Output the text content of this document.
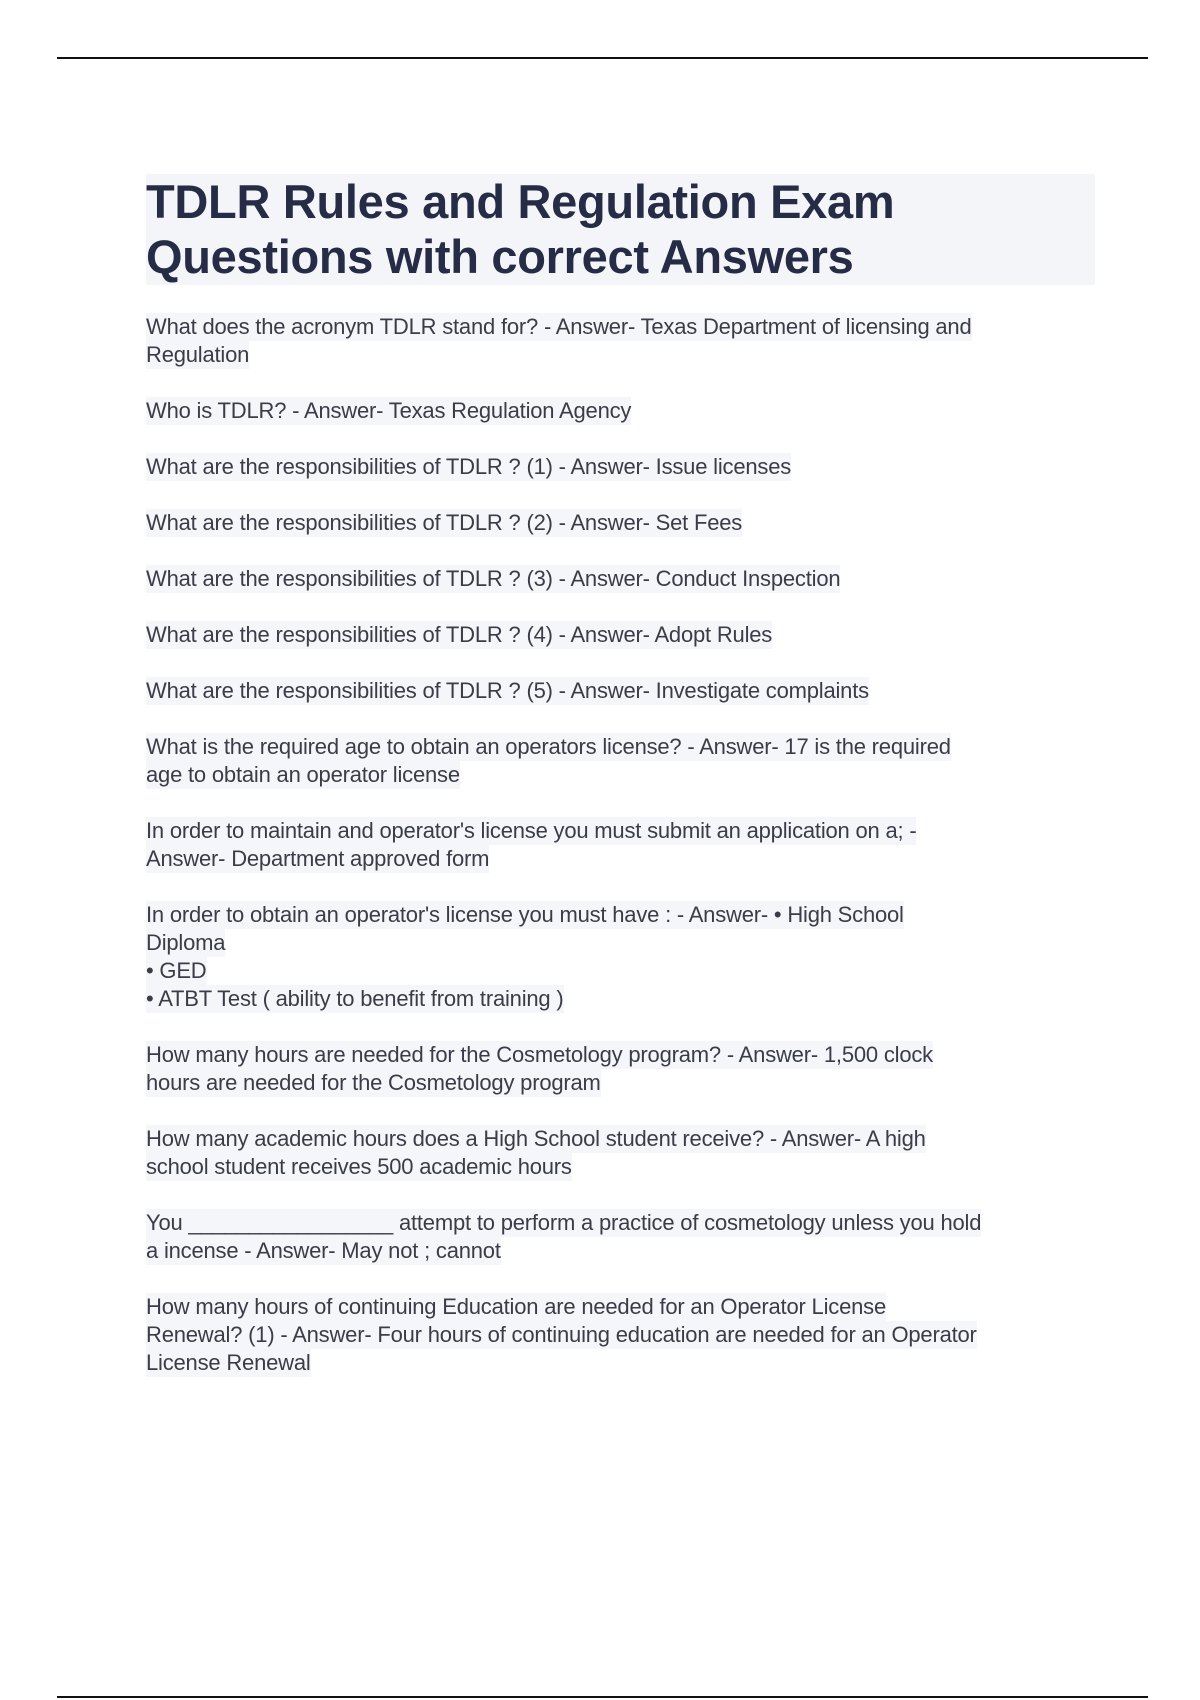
TDLR Rules and Regulation Exam
Questions with correct Answers
What does the acronym TDLR stand for? - Answer- Texas Department of licensing and
Regulation
Who is TDLR? - Answer- Texas Regulation Agency
What are the responsibilities of TDLR ? (1) - Answer- Issue licenses
What are the responsibilities of TDLR ? (2) - Answer- Set Fees
What are the responsibilities of TDLR ? (3) - Answer- Conduct Inspection
What are the responsibilities of TDLR ? (4) - Answer- Adopt Rules
What are the responsibilities of TDLR ? (5) - Answer- Investigate complaints
What is the required age to obtain an operators license? - Answer- 17 is the required
age to obtain an operator license
In order to maintain and operator's license you must submit an application on a; -
Answer- Department approved form
In order to obtain an operator's license you must have : - Answer- • High School
Diploma
• GED
• ATBT Test ( ability to benefit from training )
How many hours are needed for the Cosmetology program? - Answer- 1,500 clock
hours are needed for the Cosmetology program
How many academic hours does a High School student receive? - Answer- A high
school student receives 500 academic hours
You _________________ attempt to perform a practice of cosmetology unless you hold
a incense - Answer- May not ; cannot
How many hours of continuing Education are needed for an Operator License
Renewal? (1) - Answer- Four hours of continuing education are needed for an Operator
License Renewal
